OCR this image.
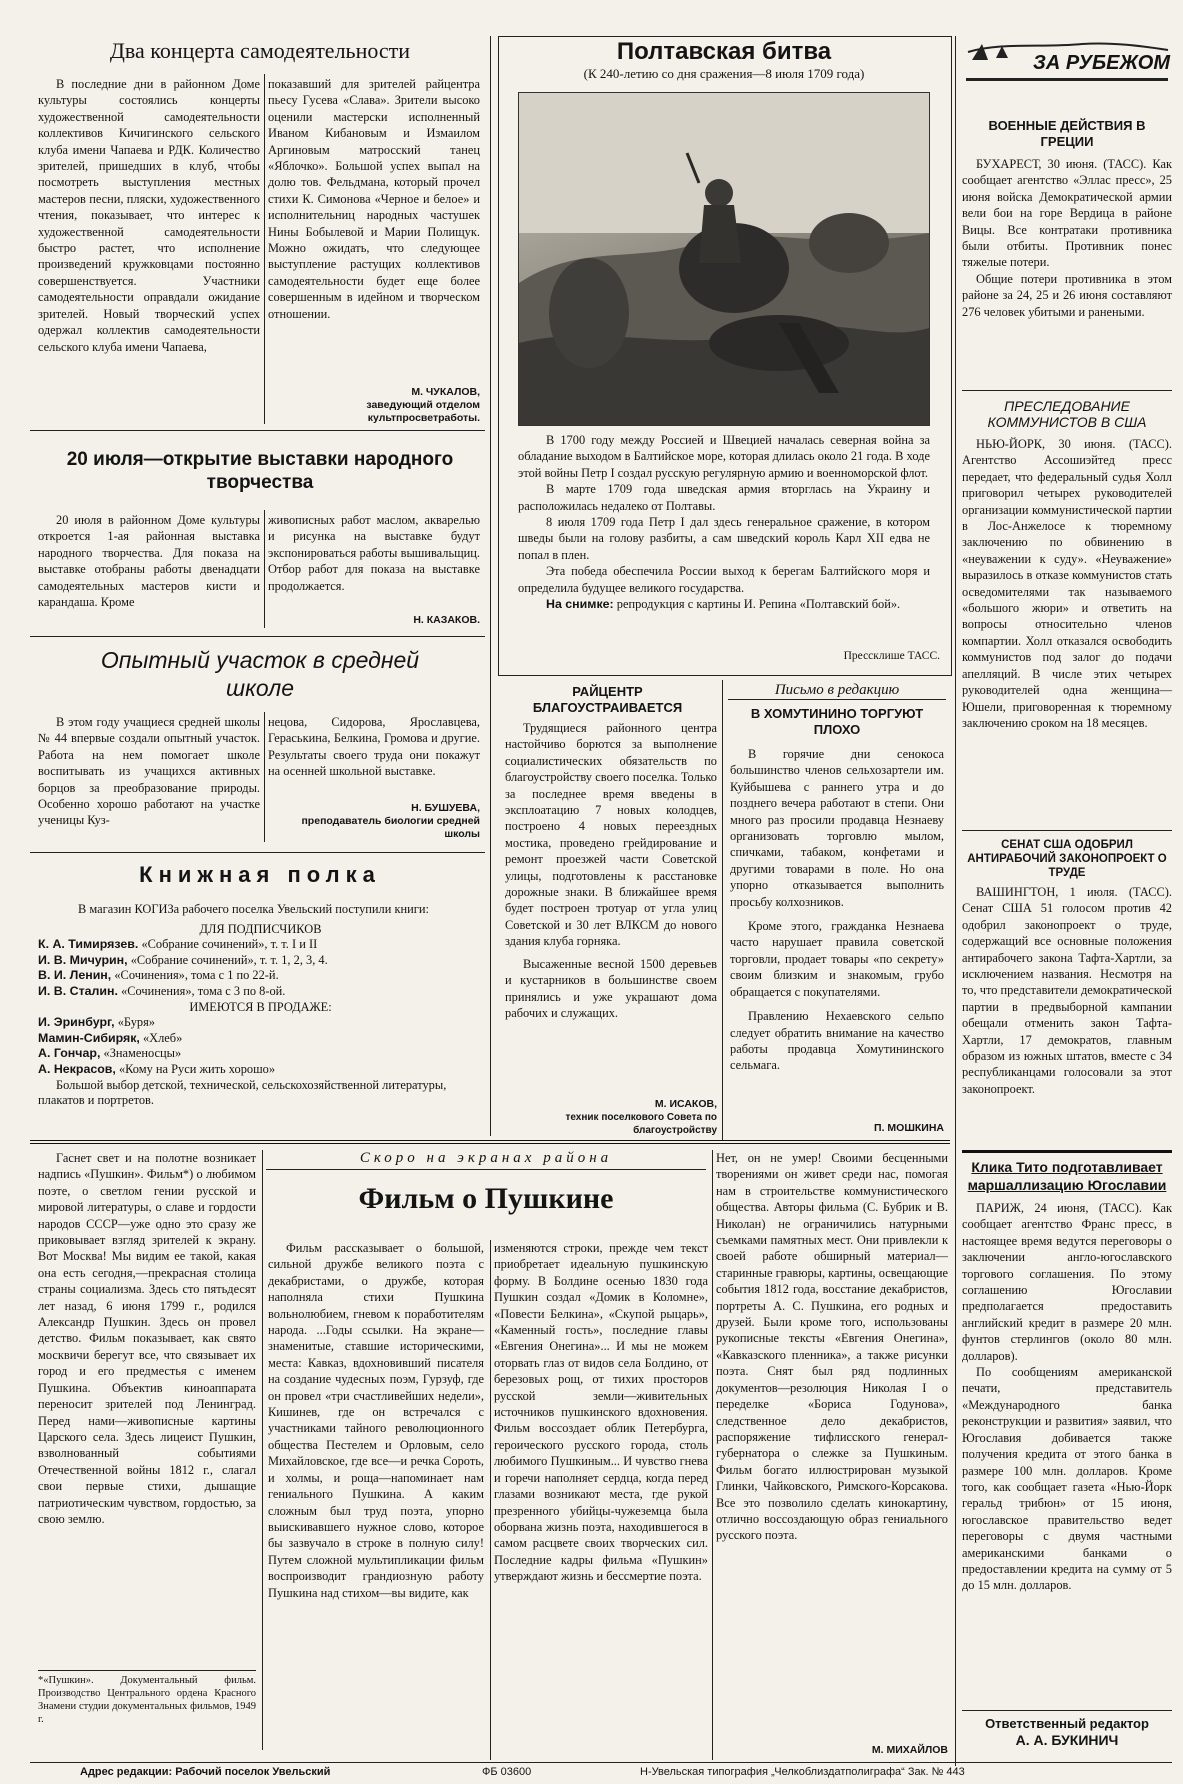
Два концерта самодеятельности

В последние дни в районном Доме культуры состоялись концерты художественной самодеятельности коллективов Кичигинского сельского клуба имени Чапаева и РДК. Количество зрителей, пришедших в клуб, чтобы посмотреть выступления местных мастеров песни, пляски, художественного чтения, показывает, что интерес к художественной самодеятельности быстро растет, что исполнение произведений кружковцами постоянно совершенствуется. Участники самодеятельности оправдали ожидание зрителей. Новый творческий успех одержал коллектив самодеятельности сельского клуба имени Чапаева,

показавший для зрителей райцентра пьесу Гусева «Слава». Зрители высоко оценили мастерски исполненный Иваном Кибановым и Измаилом Аргиновым матросский танец «Яблочко». Большой успех выпал на долю тов. Фельдмана, который прочел стихи К. Симонова «Черное и белое» и исполнительниц народных частушек Нины Бобылевой и Марии Полищук. Можно ожидать, что следующее выступление растущих коллективов самодеятельности будет еще более совершенным в идейном и творческом отношении.

М. ЧУКАЛОВ,
заведующий отделом культпросветработы.
20 июля—открытие выставки народного творчества

20 июля в районном Доме культуры откроется 1-ая районная выставка народного творчества. Для показа на выставке отобраны работы двенадцати самодеятельных мастеров кисти и карандаша. Кроме

живописных работ маслом, акварелью и рисунка на выставке будут экспонироваться работы вышивальщиц. Отбор работ для показа на выставке продолжается.

Н. КАЗАКОВ.
Опытный участок в средней школе

В этом году учащиеся средней школы № 44 впервые создали опытный участок. Работа на нем помогает школе воспитывать из учащихся активных борцов за преобразование природы. Особенно хорошо работают на участке ученицы Куз-

нецова, Сидорова, Ярославцева, Гераськина, Белкина, Громова и другие. Результаты своего труда они покажут на осенней школьной выставке.

Н. БУШУЕВА,
преподаватель биологии средней школы
Книжная полка

В магазин КОГИЗа рабочего поселка Увельский поступили книги:

ДЛЯ ПОДПИСЧИКОВ

К. А. Тимирязев. «Собрание сочинений», т. т. I и II

И. В. Мичурин, «Собрание сочинений», т. т. 1, 2, 3, 4.

В. И. Ленин, «Сочинения», тома с 1 по 22-й.

И. В. Сталин. «Сочинения», тома с 3 по 8-ой.

ИМЕЮТСЯ В ПРОДАЖЕ:

И. Эринбург, «Буря»

Мамин-Сибиряк, «Хлеб»

А. Гончар, «Знаменосцы»

А. Некрасов, «Кому на Руси жить хорошо»

Большой выбор детской, технической, сельскохозяйственной литературы, плакатов и портретов.

Полтавская битва
(К 240-летию со дня сражения—8 июля 1709 года)

В 1700 году между Россией и Швецией началась северная война за обладание выходом в Балтийское море, которая длилась около 21 года. В ходе этой войны Петр I создал русскую регулярную армию и военноморской флот.

В марте 1709 года шведская армия вторглась на Украину и расположилась недалеко от Полтавы.

8 июля 1709 года Петр I дал здесь генеральное сражение, в котором шведы были на голову разбиты, а сам шведский король Карл XII едва не попал в плен.

Эта победа обеспечила России выход к берегам Балтийского моря и определила будущее великого государства.

На снимке: репродукция с картины И. Репина «Полтавский бой».

Пресcклише ТАСС.
РАЙЦЕНТР БЛАГОУСТРАИВАЕТСЯ

Трудящиеся районного центра настойчиво борются за выполнение социалистических обязательств по благоустройству своего поселка. Только за последнее время введены в эксплоатацию 7 новых колодцев, построено 4 новых переездных мостика, проведено грейдирование и ремонт проезжей части Советской улицы, подготовлены к расстановке дорожные знаки. В ближайшее время будет построен тротуар от угла улиц Советской и 30 лет ВЛКСМ до нового здания клуба горняка.

Высаженные весной 1500 деревьев и кустарников в большинстве своем принялись и уже украшают дома рабочих и служащих.

М. ИСАКОВ,
техник поселкового Совета по благоустройству
Письмо в редакцию
В ХОМУТИНИНО ТОРГУЮТ ПЛОХО

В горячие дни сенокоса большинство членов сельхозартели им. Куйбышева с раннего утра и до позднего вечера работают в степи. Они много раз просили продавца Незнаеву организовать торговлю мылом, спичками, табаком, конфетами и другими товарами в поле. Но она упорно отказывается выполнить просьбу колхозников.

Кроме этого, гражданка Незнаева часто нарушает правила советской торговли, продает товары «по секрету» своим близким и знакомым, грубо обращается с покупателями.

Правлению Нехаевского сельпо следует обратить внимание на качество работы продавца Хомутининского сельмага.

П. МОШКИНА
ЗА РУБЕЖОМ
ВОЕННЫЕ ДЕЙСТВИЯ В ГРЕЦИИ

БУХАРЕСТ, 30 июня. (ТАСС). Как сообщает агентство «Эллас пресс», 25 июня войска Демократической армии вели бои на горе Вердица в районе Вицы. Все контратаки противника были отбиты. Противник понес тяжелые потери.

Общие потери противника в этом районе за 24, 25 и 26 июня составляют 276 человек убитыми и ранеными.

ПРЕСЛЕДОВАНИЕ КОММУНИСТОВ В США

НЬЮ-ЙОРК, 30 июня. (ТАСС). Агентство Ассошиэйтед пресс передает, что федеральный судья Холл приговорил четырех руководителей организации коммунистической партии в Лос-Анжелосе к тюремному заключению по обвинению в «неуважении к суду». «Неуважение» выразилось в отказе коммунистов стать осведомителями так называемого «большого жюри» и ответить на вопросы относительно членов компартии. Холл отказался освободить коммунистов под залог до подачи апелляций. В числе этих четырех руководителей одна женщина—Юшели, приговоренная к тюремному заключению сроком на 18 месяцев.

СЕНАТ США ОДОБРИЛ АНТИРАБОЧИЙ ЗАКОНОПРОЕКТ О ТРУДЕ

ВАШИНГТОН, 1 июля. (ТАСС). Сенат США 51 голосом против 42 одобрил законопроект о труде, содержащий все основные положения антирабочего закона Тафта-Хартли, за исключением названия. Несмотря на то, что представители демократической партии в предвыборной кампании обещали отменить закон Тафта-Хартли, 17 демократов, главным образом из южных штатов, вместе с 34 республиканцами голосовали за этот законопроект.

Клика Тито подготавливает маршаллизацию Югославии

ПАРИЖ, 24 июня, (ТАСС). Как сообщает агентство Франс пресс, в настоящее время ведутся переговоры о заключении англо-югославского торгового соглашения. По этому соглашению Югославии предполагается предоставить английский кредит в размере 20 млн. фунтов стерлингов (около 80 млн. долларов).

По сообщениям американской печати, представитель «Международного банка реконструкции и развития» заявил, что Югославия добивается также получения кредита от этого банка в размере 100 млн. долларов. Кроме того, как сообщает газета «Нью-Йорк геральд трибюн» от 15 июня, югославское правительство ведет переговоры с двумя частными американскими банками о предоставлении кредита на сумму от 5 до 15 млн. долларов.

Ответственный редактор
А. А. БУКИНИЧ

Гаснет свет и на полотне возникает надпись «Пушкин». Фильм*) о любимом поэте, о светлом гении русской и мировой литературы, о славе и гордости народов СССР—уже одно это сразу же приковывает взгляд зрителей к экрану. Вот Москва! Мы видим ее такой, какая она есть сегодня,—прекрасная столица страны социализма. Здесь сто пятьдесят лет назад, 6 июня 1799 г., родился Александр Пушкин. Здесь он провел детство. Фильм показывает, как свято москвичи берегут все, что связывает их город и его предместья с именем Пушкина. Объектив киноаппарата переносит зрителей под Ленинград. Перед нами—живописные картины Царского села. Здесь лицеист Пушкин, взволнованный событиями Отечественной войны 1812 г., слагал свои первые стихи, дышащие патриотическим чувством, гордостью, за свою землю.

*«Пушкин». Документальный фильм. Производство Центрального ордена Красного Знамени студии документальных фильмов, 1949 г.
Скоро на экранах района
Фильм о Пушкине

Фильм рассказывает о большой, сильной дружбе великого поэта с декабристами, о дружбе, которая наполняла стихи Пушкина вольнолюбием, гневом к поработителям народа. ...Годы ссылки. На экране—знаменитые, ставшие историческими, места: Кавказ, вдохновивший писателя на создание чудесных поэм, Гурзуф, где он провел «три счастливейших недели», Кишинев, где он встречался с участниками тайного революционного общества Пестелем и Орловым, село Михайловское, где все—и речка Сороть, и холмы, и роща—напоминает нам гениального Пушкина. А каким сложным был труд поэта, упорно выискивавшего нужное слово, которое бы зазвучало в строке в полную силу! Путем сложной мультипликации фильм воспроизводит грандиозную работу Пушкина над стихом—вы видите, как

изменяются строки, прежде чем текст приобретает идеальную пушкинскую форму. В Болдине осенью 1830 года Пушкин создал «Домик в Коломне», «Повести Белкина», «Скупой рыцарь», «Каменный гость», последние главы «Евгения Онегина»... И мы не можем оторвать глаз от видов села Болдино, от березовых рощ, от тихих просторов русской земли—живительных источников пушкинского вдохновения. Фильм воссоздает облик Петербурга, героического русского города, столь любимого Пушкиным... И чувство гнева и горечи наполняет сердца, когда перед глазами возникают места, где рукой презренного убийцы-чужеземца была оборвана жизнь поэта, находившегося в самом расцвете своих творческих сил. Последние кадры фильма «Пушкин» утверждают жизнь и бессмертие поэта.

Нет, он не умер! Своими бесценными творениями он живет среди нас, помогая нам в строительстве коммунистического общества. Авторы фильма (С. Бубрик и В. Николан) не ограничились натурными съемками памятных мест. Они привлекли к своей работе обширный материал—старинные гравюры, картины, освещающие события 1812 года, восстание декабристов, портреты А. С. Пушкина, его родных и друзей. Были кроме того, использованы рукописные тексты «Евгения Онегина», «Кавказского пленника», а также рисунки поэта. Снят был ряд подлинных документов—резолюция Николая I о переделке «Бориса Годунова», следственное дело декабристов, распоряжение тифлисского генерал-губернатора о слежке за Пушкиным. Фильм богато иллюстрирован музыкой Глинки, Чайковского, Римского-Корсакова. Все это позволило сделать кинокартину, отлично воссоздающую образ гениального русского поэта.

М. МИХАЙЛОВ
Адрес редакции: Рабочий поселок Увельский	ФБ 03600	Н-Увельская типография „Челкоблиздатполиграфа“ Зак. № 443
